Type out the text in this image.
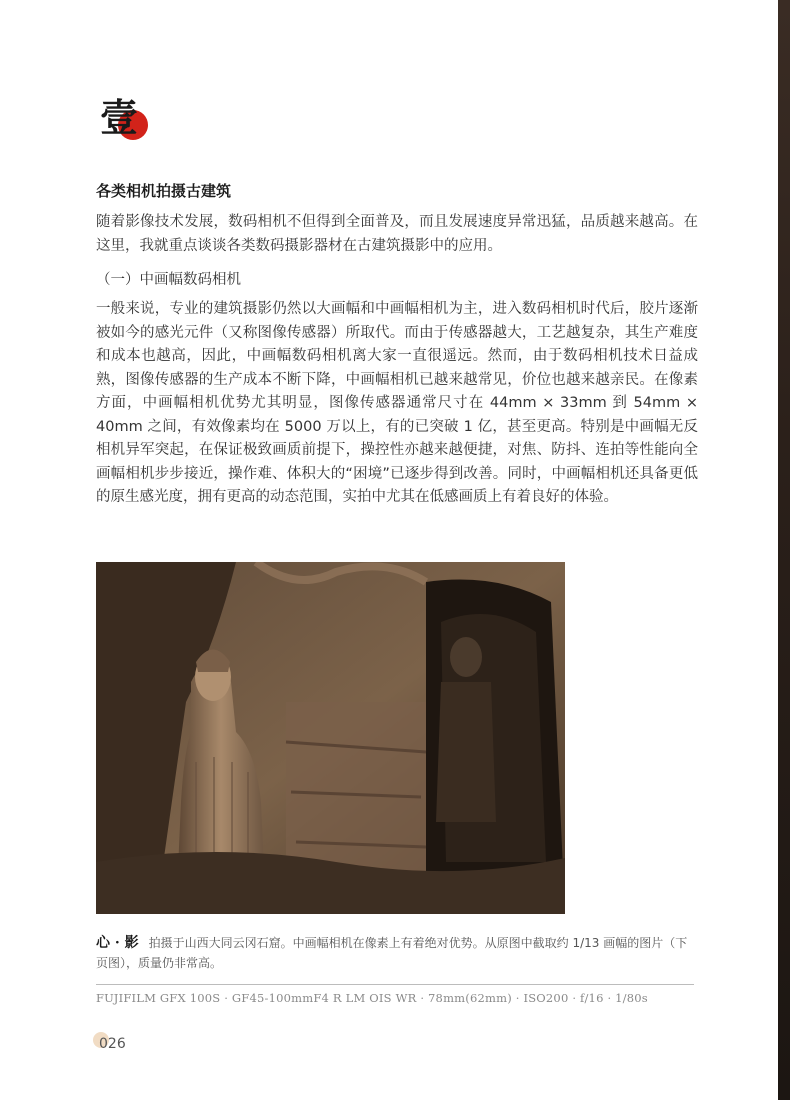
壹
各类相机拍摄古建筑
随着影像技术发展，数码相机不但得到全面普及，而且发展速度异常迅猛，品质越来越高。在这里，我就重点谈谈各类数码摄影器材在古建筑摄影中的应用。
（一）中画幅数码相机
一般来说，专业的建筑摄影仍然以大画幅和中画幅相机为主，进入数码相机时代后，胶片逐渐被如今的感光元件（又称图像传感器）所取代。而由于传感器越大，工艺越复杂，其生产难度和成本也越高，因此，中画幅数码相机离大家一直很遥远。然而，由于数码相机技术日益成熟，图像传感器的生产成本不断下降，中画幅相机已越来越常见，价位也越来越亲民。在像素方面，中画幅相机优势尤其明显，图像传感器通常尺寸在 44mm × 33mm 到 54mm × 40mm 之间，有效像素均在 5000 万以上，有的已突破 1 亿，甚至更高。特别是中画幅无反相机异军突起，在保证极致画质前提下，操控性亦越来越便捷，对焦、防抖、连拍等性能向全画幅相机步步接近，操作难、体积大的“困境”已逐步得到改善。同时，中画幅相机还具备更低的原生感光度，拥有更高的动态范围，实拍中尤其在低感画质上有着良好的体验。
心 · 影 拍摄于山西大同云冈石窟。中画幅相机在像素上有着绝对优势。从原图中截取约 1/13 画幅的图片（下页图），质量仍非常高。
FUJIFILM GFX 100S · GF45-100mmF4 R LM OIS WR · 78mm(62mm) · ISO200 · f/16 · 1/80s
026
